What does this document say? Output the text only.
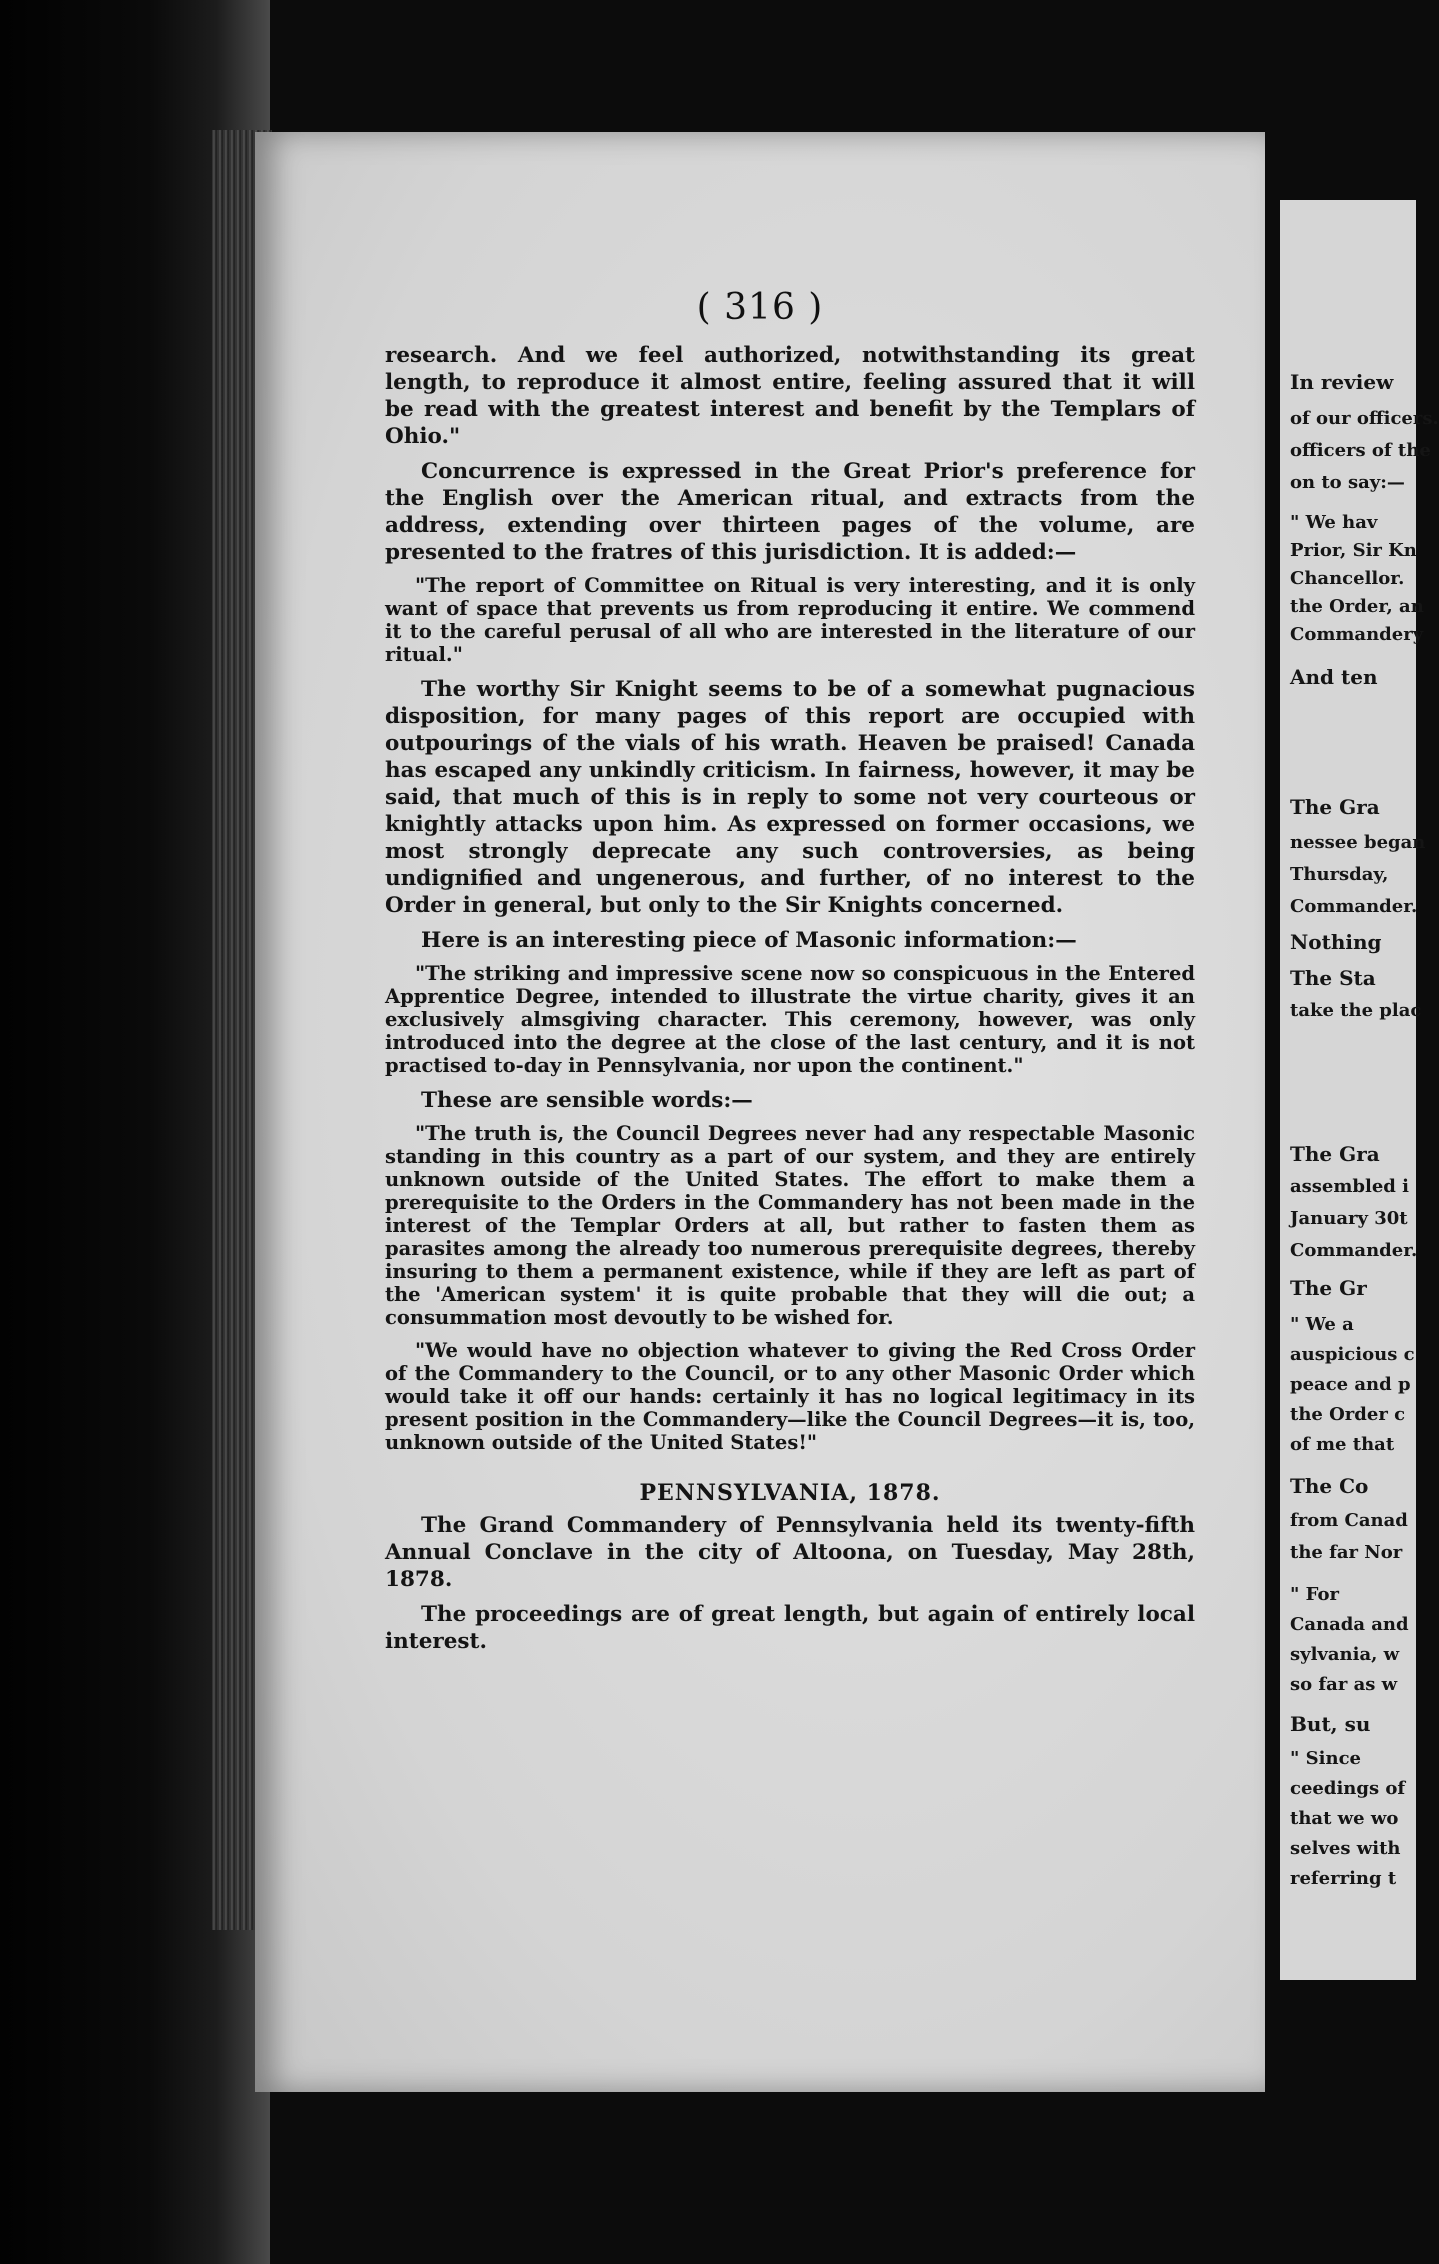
( 316 )

research. And we feel authorized, notwithstanding its great length, to reproduce it almost entire, feeling assured that it will be read with the greatest interest and benefit by the Templars of Ohio."

Concurrence is expressed in the Great Prior's preference for the English over the American ritual, and extracts from the address, extending over thirteen pages of the volume, are presented to the fratres of this jurisdiction. It is added:—

"The report of Committee on Ritual is very interesting, and it is only want of space that prevents us from reproducing it entire. We commend it to the careful perusal of all who are interested in the literature of our ritual."

The worthy Sir Knight seems to be of a somewhat pugnacious disposition, for many pages of this report are occupied with outpourings of the vials of his wrath. Heaven be praised! Canada has escaped any unkindly criticism. In fairness, however, it may be said, that much of this is in reply to some not very courteous or knightly attacks upon him. As expressed on former occasions, we most strongly deprecate any such controversies, as being undignified and ungenerous, and further, of no interest to the Order in general, but only to the Sir Knights concerned.

Here is an interesting piece of Masonic information:—

"The striking and impressive scene now so conspicuous in the Entered Apprentice Degree, intended to illustrate the virtue charity, gives it an exclusively almsgiving character. This ceremony, however, was only introduced into the degree at the close of the last century, and it is not practised to-day in Pennsylvania, nor upon the continent."

These are sensible words:—

"The truth is, the Council Degrees never had any respectable Masonic standing in this country as a part of our system, and they are entirely unknown outside of the United States. The effort to make them a prerequisite to the Orders in the Commandery has not been made in the interest of the Templar Orders at all, but rather to fasten them as parasites among the already too numerous prerequisite degrees, thereby insuring to them a permanent existence, while if they are left as part of the 'American system' it is quite probable that they will die out; a consummation most devoutly to be wished for.

"We would have no objection whatever to giving the Red Cross Order of the Commandery to the Council, or to any other Masonic Order which would take it off our hands: certainly it has no logical legitimacy in its present position in the Commandery—like the Council Degrees—it is, too, unknown outside of the United States!"

PENNSYLVANIA, 1878.

The Grand Commandery of Pennsylvania held its twenty-fifth Annual Conclave in the city of Altoona, on Tuesday, May 28th, 1878.

The proceedings are of great length, but again of entirely local interest.

In review
of our officers.
officers of the
on to say:—
" We hav
Prior, Sir Kn
Chancellor.
the Order, an
Commandery
And ten
The Gra
nessee began
Thursday,
Commander.
Nothing
The Sta
take the plac
The Gra
assembled i
January 30t
Commander.
The Gr
" We a
auspicious c
peace and p
the Order c
of me that
The Co
from Canad
the far Nor
" For
Canada and
sylvania, w
so far as w
But, su
" Since
ceedings of
that we wo
selves with
referring t
